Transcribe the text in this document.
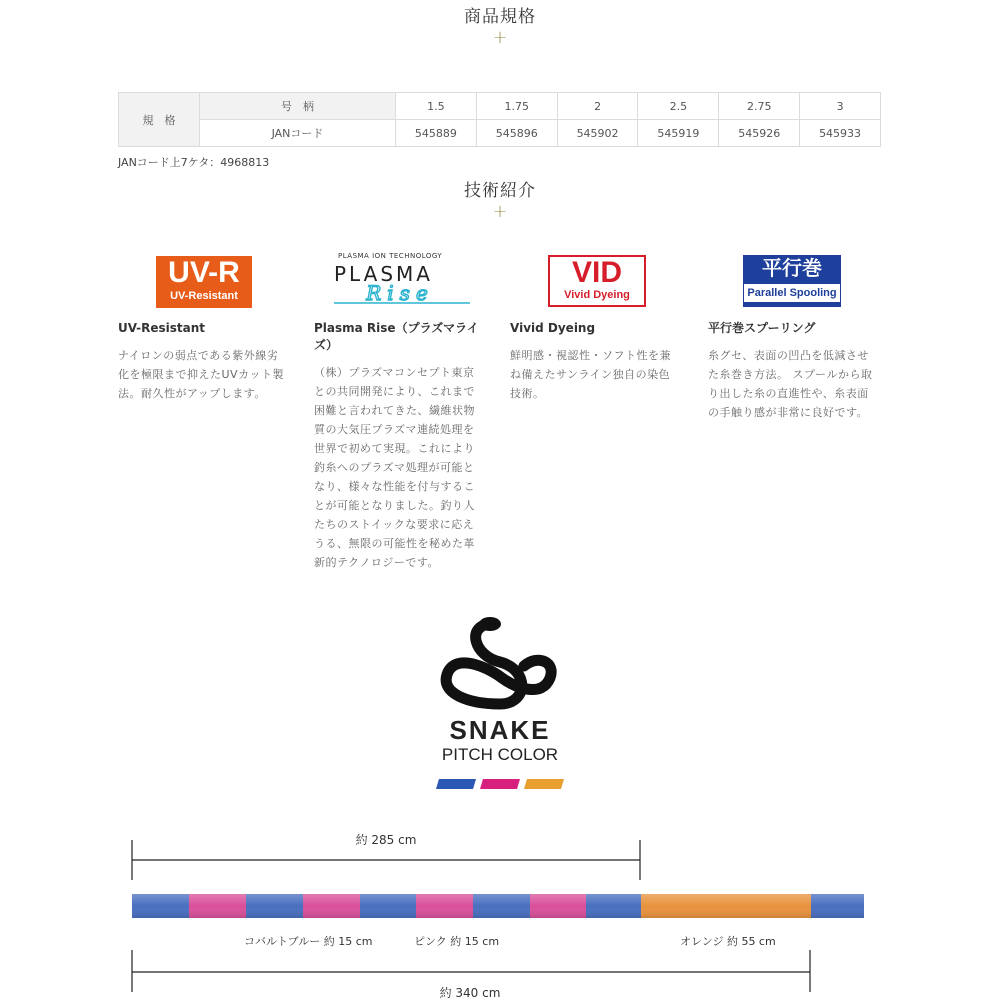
商品規格
+
規　格	号　柄	1.5	1.75	2	2.5	2.75	3
	JANコード	545889	545896	545902	545919	545926	545933
JANコード上7ケタ：4968813
技術紹介
+
UV-R
UV-Resistant
UV-Resistant
ナイロンの弱点である紫外線劣化を極限まで抑えたUVカット製法。耐久性がアップします。
PLASMA ION TECHNOLOGY
PLASMA
Rise
Plasma Rise（プラズマライズ）
（株）プラズマコンセプト東京との共同開発により、これまで困難と言われてきた、繊維状物質の大気圧プラズマ連続処理を世界で初めて実現。これにより釣糸へのプラズマ処理が可能となり、様々な性能を付与することが可能となりました。釣り人たちのストイックな要求に応えうる、無限の可能性を秘めた革新的テクノロジーです。
VID
Vivid Dyeing
Vivid Dyeing
鮮明感・視認性・ソフト性を兼ね備えたサンライン独自の染色技術。
平行巻
Parallel Spooling
平行巻スプーリング
糸グセ、表面の凹凸を低減させた糸巻き方法。 スプールから取り出した糸の直進性や、糸表面の手触り感が非常に良好です。
SNAKE
PITCH COLOR
約 285 cm
コバルトブルー 約 15 cm	ピンク 約 15 cm	オレンジ 約 55 cm
約 340 cm
